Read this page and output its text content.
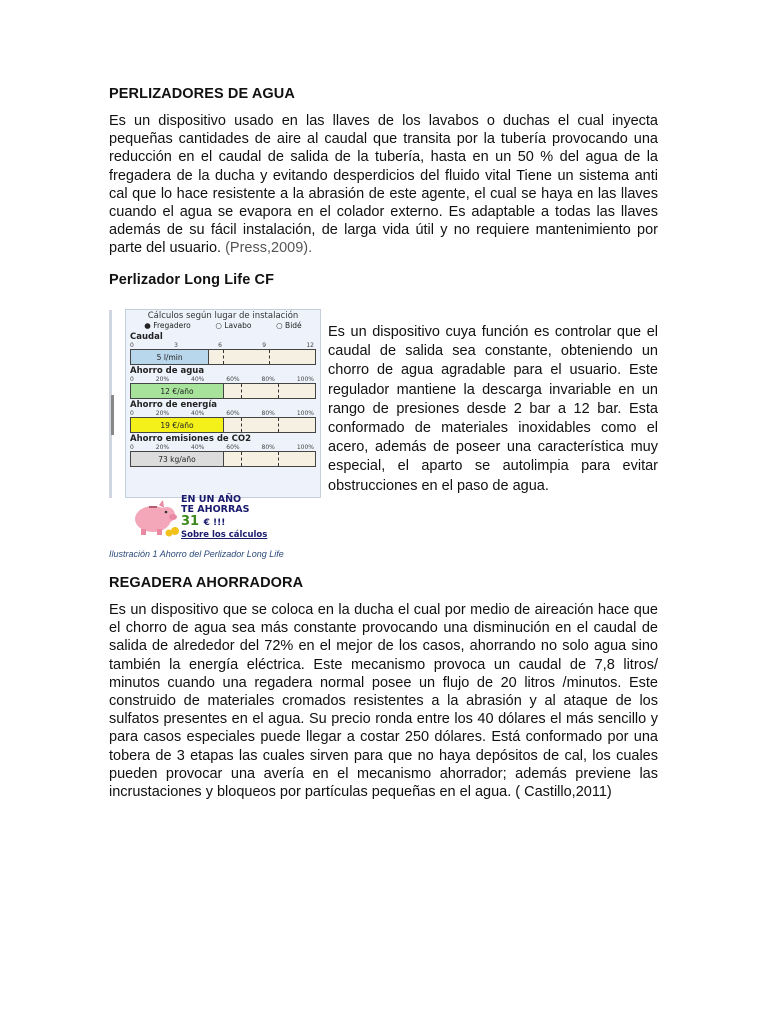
PERLIZADORES DE AGUA

Es un dispositivo usado en las llaves de los lavabos o duchas el cual inyecta pequeñas cantidades de aire al caudal que transita por la tubería provocando una reducción en el caudal de salida de la tubería, hasta en un 50 % del agua de la fregadera de la ducha y evitando desperdicios del fluido vital Tiene un sistema anti cal que lo hace resistente a la abrasión de este agente, el cual se haya en las llaves cuando el agua se evapora en el colador externo. Es adaptable a todas las llaves además de su fácil instalación, de larga vida útil y no requiere mantenimiento por parte del usuario. (Press,2009).

Perlizador Long Life CF
Cálculos según lugar de instalación
● Fregadero	○ Lavabo	○ Bidé
Caudal
0	3	6	9	12
5 l/min
Ahorro de agua
0	20%	40%	60%	80%	100%
12 €/año
Ahorro de energía
0	20%	40%	60%	80%	100%
19 €/año
Ahorro emisiones de CO2
0	20%	40%	60%	80%	100%
73 kg/año
EN UN AÑO
TE AHORRAS
31 € !!!
Sobre los cálculos
Ilustración 1 Ahorro del Perlizador Long Life

Es un dispositivo cuya función es controlar que el caudal de salida sea constante, obteniendo un chorro de agua agradable para el usuario. Este regulador mantiene la descarga invariable en un rango de presiones desde 2 bar a 12 bar. Esta conformado de materiales inoxidables como el acero, además de poseer una característica muy especial, el aparto se autolimpia para evitar obstrucciones en el paso de agua.

REGADERA AHORRADORA

Es un dispositivo que se coloca en la ducha el cual por medio de aireación hace que el chorro de agua sea más constante provocando una disminución en el caudal de salida de alrededor del 72% en el mejor de los casos, ahorrando no solo agua sino también la energía eléctrica. Este mecanismo provoca un caudal de 7,8 litros/ minutos cuando una regadera normal posee un flujo de 20 litros /minutos. Este construido de materiales cromados resistentes a la abrasión y al ataque de los sulfatos presentes en el agua. Su precio ronda entre los 40 dólares el más sencillo y para casos especiales puede llegar a costar 250 dólares. Está conformado por una tobera de 3 etapas las cuales sirven para que no haya depósitos de cal, los cuales pueden provocar una avería en el mecanismo ahorrador; además previene las incrustaciones y bloqueos por partículas pequeñas en el agua. ( Castillo,2011)
